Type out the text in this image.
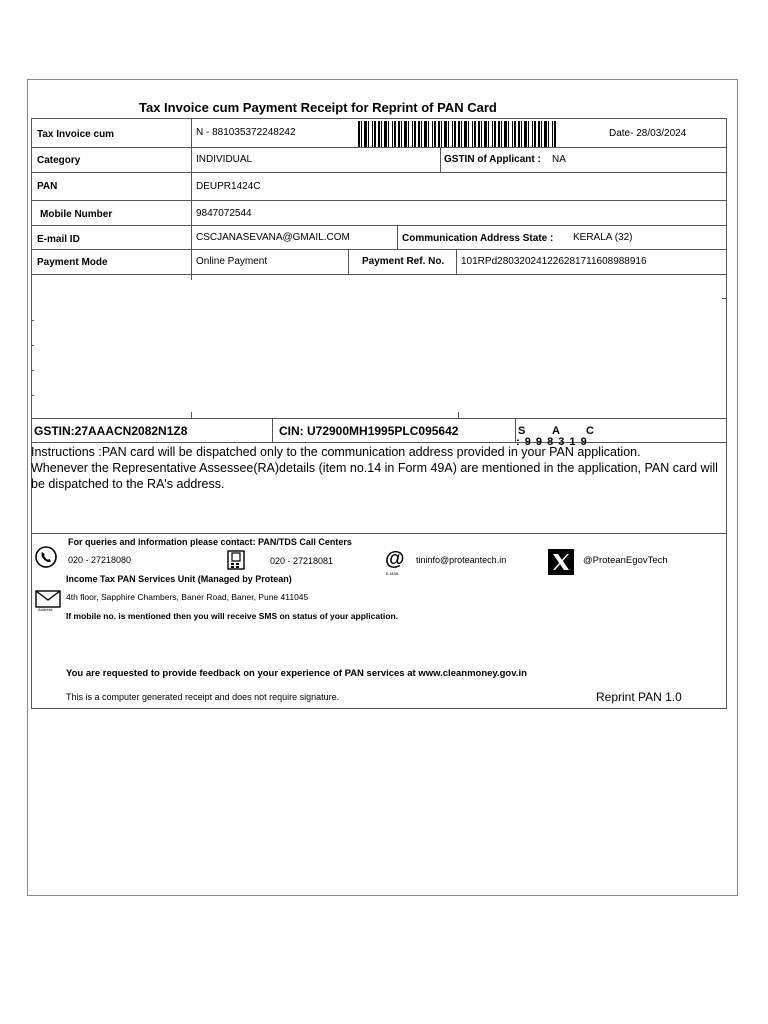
Tax Invoice cum Payment Receipt for Reprint of PAN Card
Tax Invoice cum	N - 881035372248242	Date- 28/03/2024
Category	INDIVIDUAL	GSTIN of Applicant : NA
PAN	DEUPR1424C
Mobile Number	9847072544
E-mail ID	CSCJANASEVANA@GMAIL.COM	Communication Address State : KERALA (32)
Payment Mode	Online Payment	Payment Ref. No. 101RPd280320241226281711608988916
GSTIN:27AAACN2082N1Z8	CIN: U72900MH1995PLC095642	S A C
: 9 9 8 3 1 9

Instructions :PAN card will be dispatched only to the communication address provided in your PAN application.

Whenever the Representative Assessee(RA)details (item no.14 in Form 49A) are mentioned in the application, PAN card will be dispatched to the RA's address.

For queries and information please contact: PAN/TDS Call Centers
020 - 27218080	020 - 27218081	@
E-MAIL
tininfo@proteantech.in	@ProteanEgovTech
Income Tax PAN Services Unit (Managed by Protean)
Address
4th floor, Sapphire Chambers, Baner Road, Baner, Pune 411045
If mobile no. is mentioned then you will receive SMS on status of your application.
You are requested to provide feedback on your experience of PAN services at www.cleanmoney.gov.in
This is a computer generated receipt and does not require signature.	Reprint PAN 1.0
